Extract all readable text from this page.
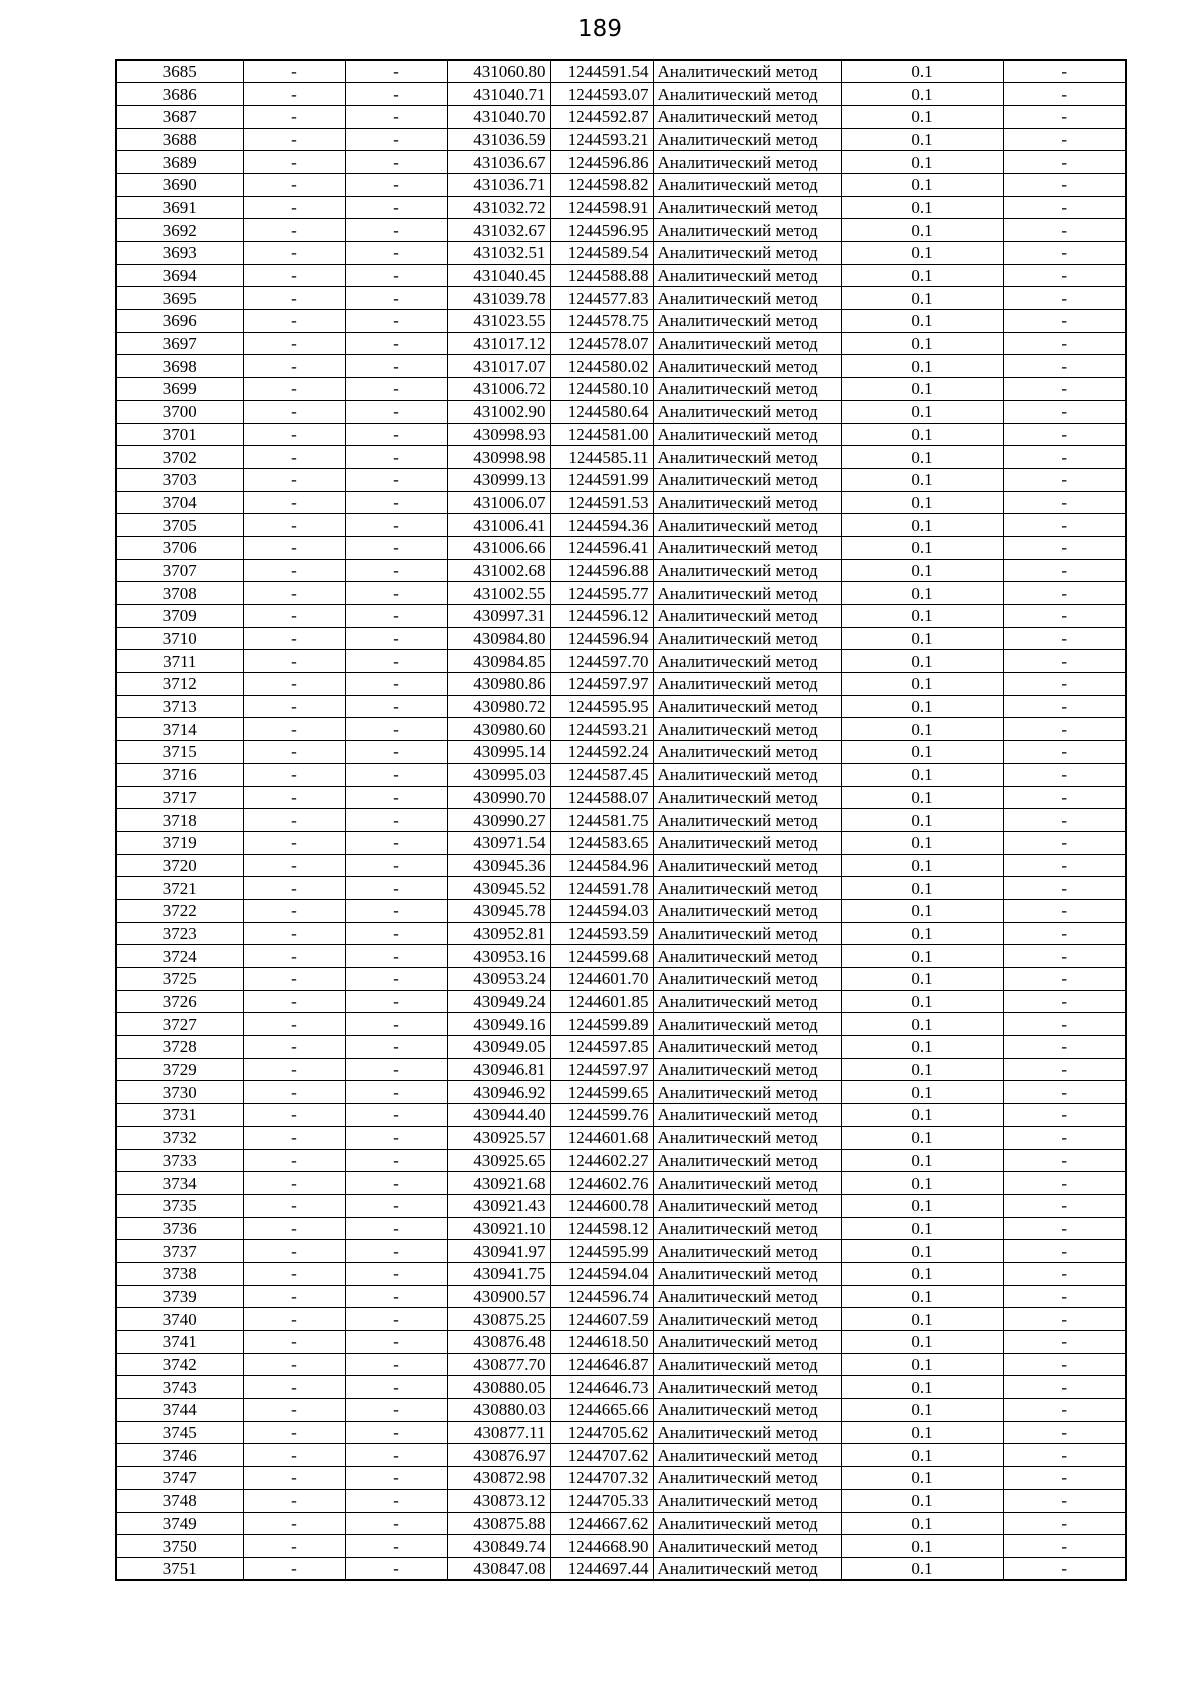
189
3685	-	-	431060.80	1244591.54	Аналитический метод	0.1	-
3686	-	-	431040.71	1244593.07	Аналитический метод	0.1	-
3687	-	-	431040.70	1244592.87	Аналитический метод	0.1	-
3688	-	-	431036.59	1244593.21	Аналитический метод	0.1	-
3689	-	-	431036.67	1244596.86	Аналитический метод	0.1	-
3690	-	-	431036.71	1244598.82	Аналитический метод	0.1	-
3691	-	-	431032.72	1244598.91	Аналитический метод	0.1	-
3692	-	-	431032.67	1244596.95	Аналитический метод	0.1	-
3693	-	-	431032.51	1244589.54	Аналитический метод	0.1	-
3694	-	-	431040.45	1244588.88	Аналитический метод	0.1	-
3695	-	-	431039.78	1244577.83	Аналитический метод	0.1	-
3696	-	-	431023.55	1244578.75	Аналитический метод	0.1	-
3697	-	-	431017.12	1244578.07	Аналитический метод	0.1	-
3698	-	-	431017.07	1244580.02	Аналитический метод	0.1	-
3699	-	-	431006.72	1244580.10	Аналитический метод	0.1	-
3700	-	-	431002.90	1244580.64	Аналитический метод	0.1	-
3701	-	-	430998.93	1244581.00	Аналитический метод	0.1	-
3702	-	-	430998.98	1244585.11	Аналитический метод	0.1	-
3703	-	-	430999.13	1244591.99	Аналитический метод	0.1	-
3704	-	-	431006.07	1244591.53	Аналитический метод	0.1	-
3705	-	-	431006.41	1244594.36	Аналитический метод	0.1	-
3706	-	-	431006.66	1244596.41	Аналитический метод	0.1	-
3707	-	-	431002.68	1244596.88	Аналитический метод	0.1	-
3708	-	-	431002.55	1244595.77	Аналитический метод	0.1	-
3709	-	-	430997.31	1244596.12	Аналитический метод	0.1	-
3710	-	-	430984.80	1244596.94	Аналитический метод	0.1	-
3711	-	-	430984.85	1244597.70	Аналитический метод	0.1	-
3712	-	-	430980.86	1244597.97	Аналитический метод	0.1	-
3713	-	-	430980.72	1244595.95	Аналитический метод	0.1	-
3714	-	-	430980.60	1244593.21	Аналитический метод	0.1	-
3715	-	-	430995.14	1244592.24	Аналитический метод	0.1	-
3716	-	-	430995.03	1244587.45	Аналитический метод	0.1	-
3717	-	-	430990.70	1244588.07	Аналитический метод	0.1	-
3718	-	-	430990.27	1244581.75	Аналитический метод	0.1	-
3719	-	-	430971.54	1244583.65	Аналитический метод	0.1	-
3720	-	-	430945.36	1244584.96	Аналитический метод	0.1	-
3721	-	-	430945.52	1244591.78	Аналитический метод	0.1	-
3722	-	-	430945.78	1244594.03	Аналитический метод	0.1	-
3723	-	-	430952.81	1244593.59	Аналитический метод	0.1	-
3724	-	-	430953.16	1244599.68	Аналитический метод	0.1	-
3725	-	-	430953.24	1244601.70	Аналитический метод	0.1	-
3726	-	-	430949.24	1244601.85	Аналитический метод	0.1	-
3727	-	-	430949.16	1244599.89	Аналитический метод	0.1	-
3728	-	-	430949.05	1244597.85	Аналитический метод	0.1	-
3729	-	-	430946.81	1244597.97	Аналитический метод	0.1	-
3730	-	-	430946.92	1244599.65	Аналитический метод	0.1	-
3731	-	-	430944.40	1244599.76	Аналитический метод	0.1	-
3732	-	-	430925.57	1244601.68	Аналитический метод	0.1	-
3733	-	-	430925.65	1244602.27	Аналитический метод	0.1	-
3734	-	-	430921.68	1244602.76	Аналитический метод	0.1	-
3735	-	-	430921.43	1244600.78	Аналитический метод	0.1	-
3736	-	-	430921.10	1244598.12	Аналитический метод	0.1	-
3737	-	-	430941.97	1244595.99	Аналитический метод	0.1	-
3738	-	-	430941.75	1244594.04	Аналитический метод	0.1	-
3739	-	-	430900.57	1244596.74	Аналитический метод	0.1	-
3740	-	-	430875.25	1244607.59	Аналитический метод	0.1	-
3741	-	-	430876.48	1244618.50	Аналитический метод	0.1	-
3742	-	-	430877.70	1244646.87	Аналитический метод	0.1	-
3743	-	-	430880.05	1244646.73	Аналитический метод	0.1	-
3744	-	-	430880.03	1244665.66	Аналитический метод	0.1	-
3745	-	-	430877.11	1244705.62	Аналитический метод	0.1	-
3746	-	-	430876.97	1244707.62	Аналитический метод	0.1	-
3747	-	-	430872.98	1244707.32	Аналитический метод	0.1	-
3748	-	-	430873.12	1244705.33	Аналитический метод	0.1	-
3749	-	-	430875.88	1244667.62	Аналитический метод	0.1	-
3750	-	-	430849.74	1244668.90	Аналитический метод	0.1	-
3751	-	-	430847.08	1244697.44	Аналитический метод	0.1	-
